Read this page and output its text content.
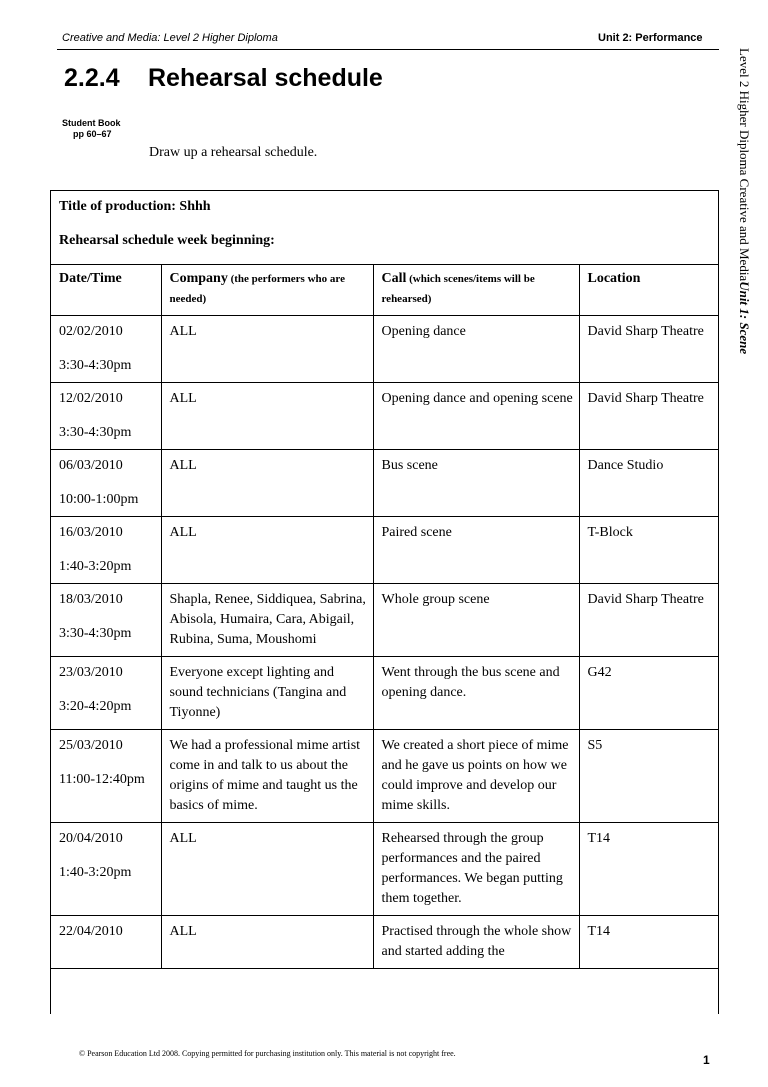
Creative and Media: Level 2 Higher Diploma	Unit 2: Performance
2.2.4 Rehearsal schedule
Student Book
pp 60–67
Draw up a rehearsal schedule.	Level 2 Higher Diploma Creative and MediaUnit 1: Scene
Title of production: Shhh
Rehearsal schedule week beginning:
Date/Time	Company (the performers who are needed)	Call (which scenes/items will be rehearsed)	Location

02/02/2010
3:30-4:30pm	ALL	Opening dance	David Sharp Theatre

12/02/2010
3:30-4:30pm	ALL	Opening dance and opening scene	David Sharp Theatre

06/03/2010
10:00-1:00pm	ALL	Bus scene	Dance Studio

16/03/2010
1:40-3:20pm	ALL	Paired scene	T-Block

18/03/2010
3:30-4:30pm	Shapla, Renee, Siddiquea, Sabrina, Abisola, Humaira, Cara, Abigail, Rubina, Suma, Moushomi	Whole group scene	David Sharp Theatre

23/03/2010
3:20-4:20pm	Everyone except lighting and sound technicians (Tangina and Tiyonne)	Went through the bus scene and opening dance.	G42

25/03/2010
11:00-12:40pm	We had a professional mime artist come in and talk to us about the origins of mime and taught us the basics of mime.	We created a short piece of mime and he gave us points on how we could improve and develop our mime skills.	S5

20/04/2010
1:40-3:20pm	ALL	Rehearsed through the group performances and the paired performances. We began putting them together.	T14

22/04/2010	ALL	Practised through the whole show and started adding the	T14
© Pearson Education Ltd 2008. Copying permitted for purchasing institution only. This material is not copyright free.	1
